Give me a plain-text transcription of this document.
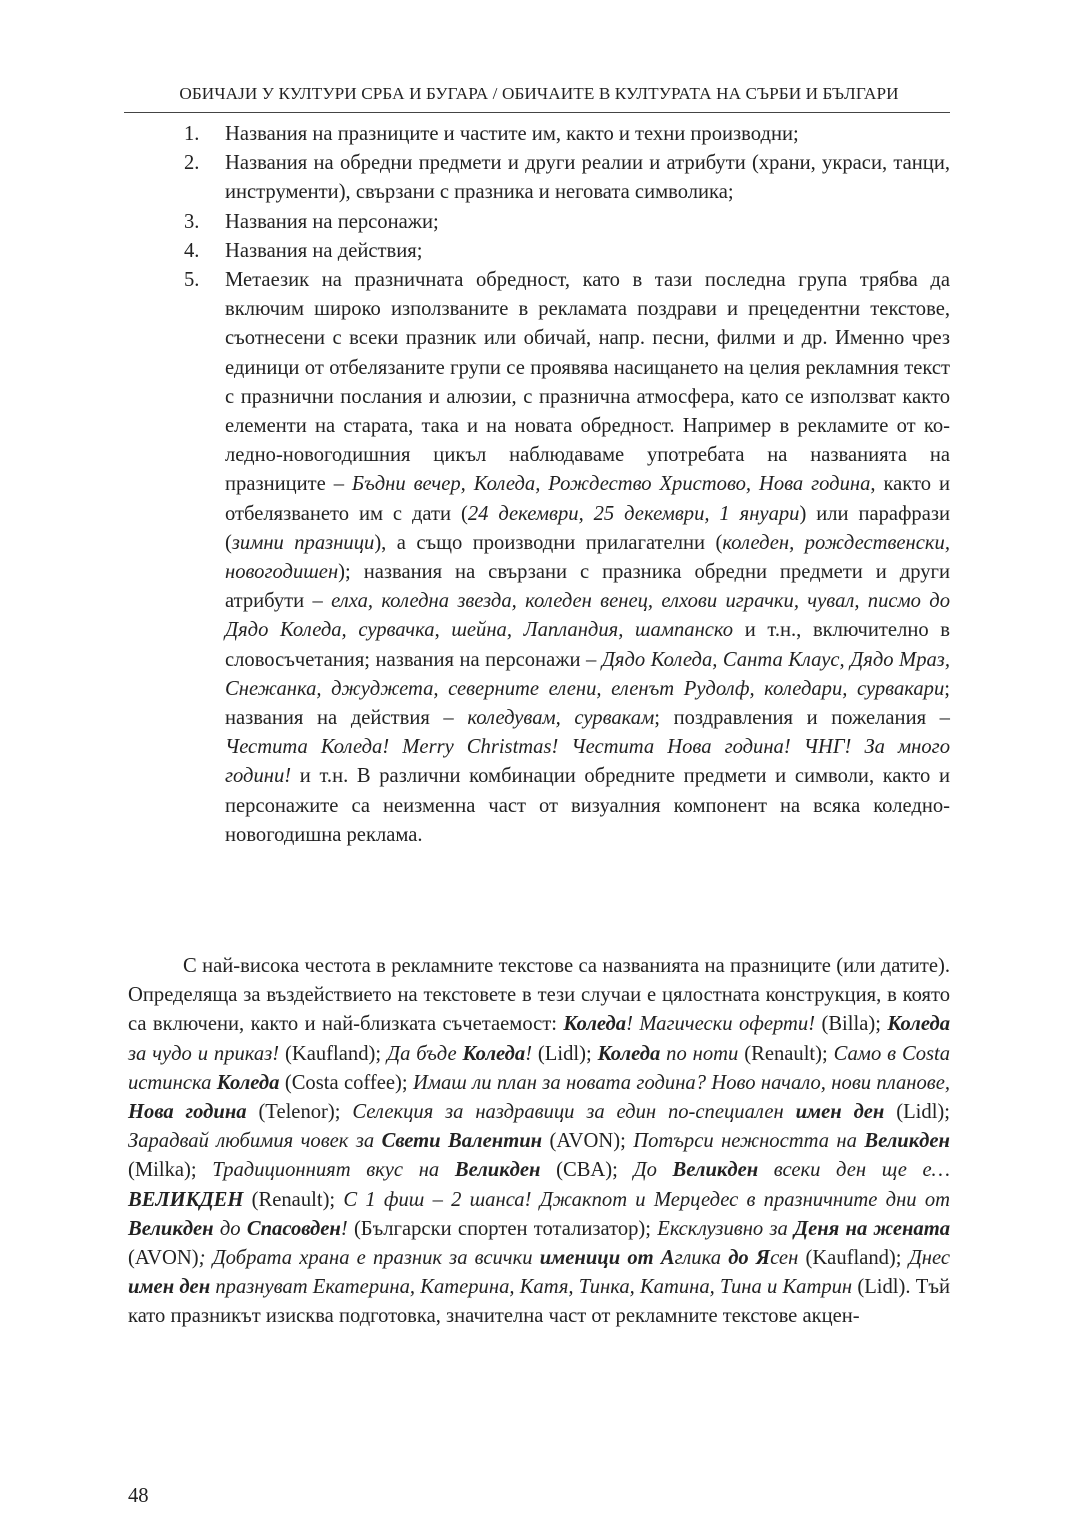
ОБИЧАЈИ У КУЛТУРИ СРБА И БУГАРА / ОБИЧАИТЕ В КУЛТУРАТА НА СЪРБИ И БЪЛГАРИ
1. Названия на празниците и частите им, както и техни производни;
2. Названия на обредни предмети и други реалии и атрибути (храни, украси, танци, инструменти), свързани с празника и неговата символика;
3. Названия на персонажи;
4. Названия на действия;
5. Метаезик на празничната обредност, като в тази последна група трябва да включим широко използваните в рекламата поздрави и прецедентни текстове, съотнесени с всеки празник или обичай, напр. песни, филми и др. Именно чрез единици от отбелязаните групи се проявява насищането на целия рекламния текст с празнични послания и алюзии, с празнична атмосфера, като се използват както елементи на старата, така и на новата обредност. Например в рекламите от коледно-новогодишния цикъл наблюдаваме употребата на названията на празниците – Бъдни вечер, Коледа, Рождество Христово, Нова година, както и отбелязването им с дати (24 декември, 25 декември, 1 януари) или парафрази (зимни празници), а също производни прилагателни (коледен, рождественски, новогодишен); названия на свързани с празника обредни предмети и други атрибути – елха, коледна звезда, коледен венец, елхови играчки, чувал, писмо до Дядо Коледа, сурвачка, шейна, Лапландия, шампанско и т.н., включително в словосъчетания; названия на персонажи – Дядо Коледа, Санта Клаус, Дядо Мраз, Снежанка, джуджета, северните елени, еленът Рудолф, коледари, сурвакари; названия на действия – коледувам, сурвакам; поздравления и пожелания – Честита Коледа! Merry Christmas! Честита Нова година! ЧНГ! За много години! и т.н. В различни комбинации обредните предмети и символи, както и персонажите са неизменна част от визуалния компонент на всяка коледно-новогодишна реклама.

С най-висока честота в рекламните текстове са названията на празниците (или датите). Определяща за въздействието на текстовете в тези случаи е цялостната конструкция, в която са включени, както и най-близката съчетаемост: Коледа! Магически оферти! (Billa); Коледа за чудо и приказ! (Kaufland); Да бъде Коледа! (Lidl); Коледа по ноти (Renault); Само в Costa истинска Коледа (Costa coffee); Имаш ли план за новата година? Ново начало, нови планове, Нова година (Telenor); Селекция за наздравици за един по-специален имен ден (Lidl); Зарадвай любимия човек за Свети Валентин (AVON); Потърси нежността на Великден (Milka); Традиционният вкус на Великден (CBA); До Великден всеки ден ще е… ВЕЛИКДЕН (Renault); С 1 фиш – 2 шанса! Джакпот и Мерцедес в празничните дни от Великден до Спасовден! (Български спортен тотализатор); Ексклузивно за Деня на жената (AVON); Добрата храна е празник за всички именици от Аглика до Ясен (Kaufland); Днес имен ден празнуват Екатерина, Катерина, Катя, Тинка, Катина, Тина и Катрин (Lidl). Тъй като празникът изисква подготовка, значителна част от рекламните текстове акцен-

48
